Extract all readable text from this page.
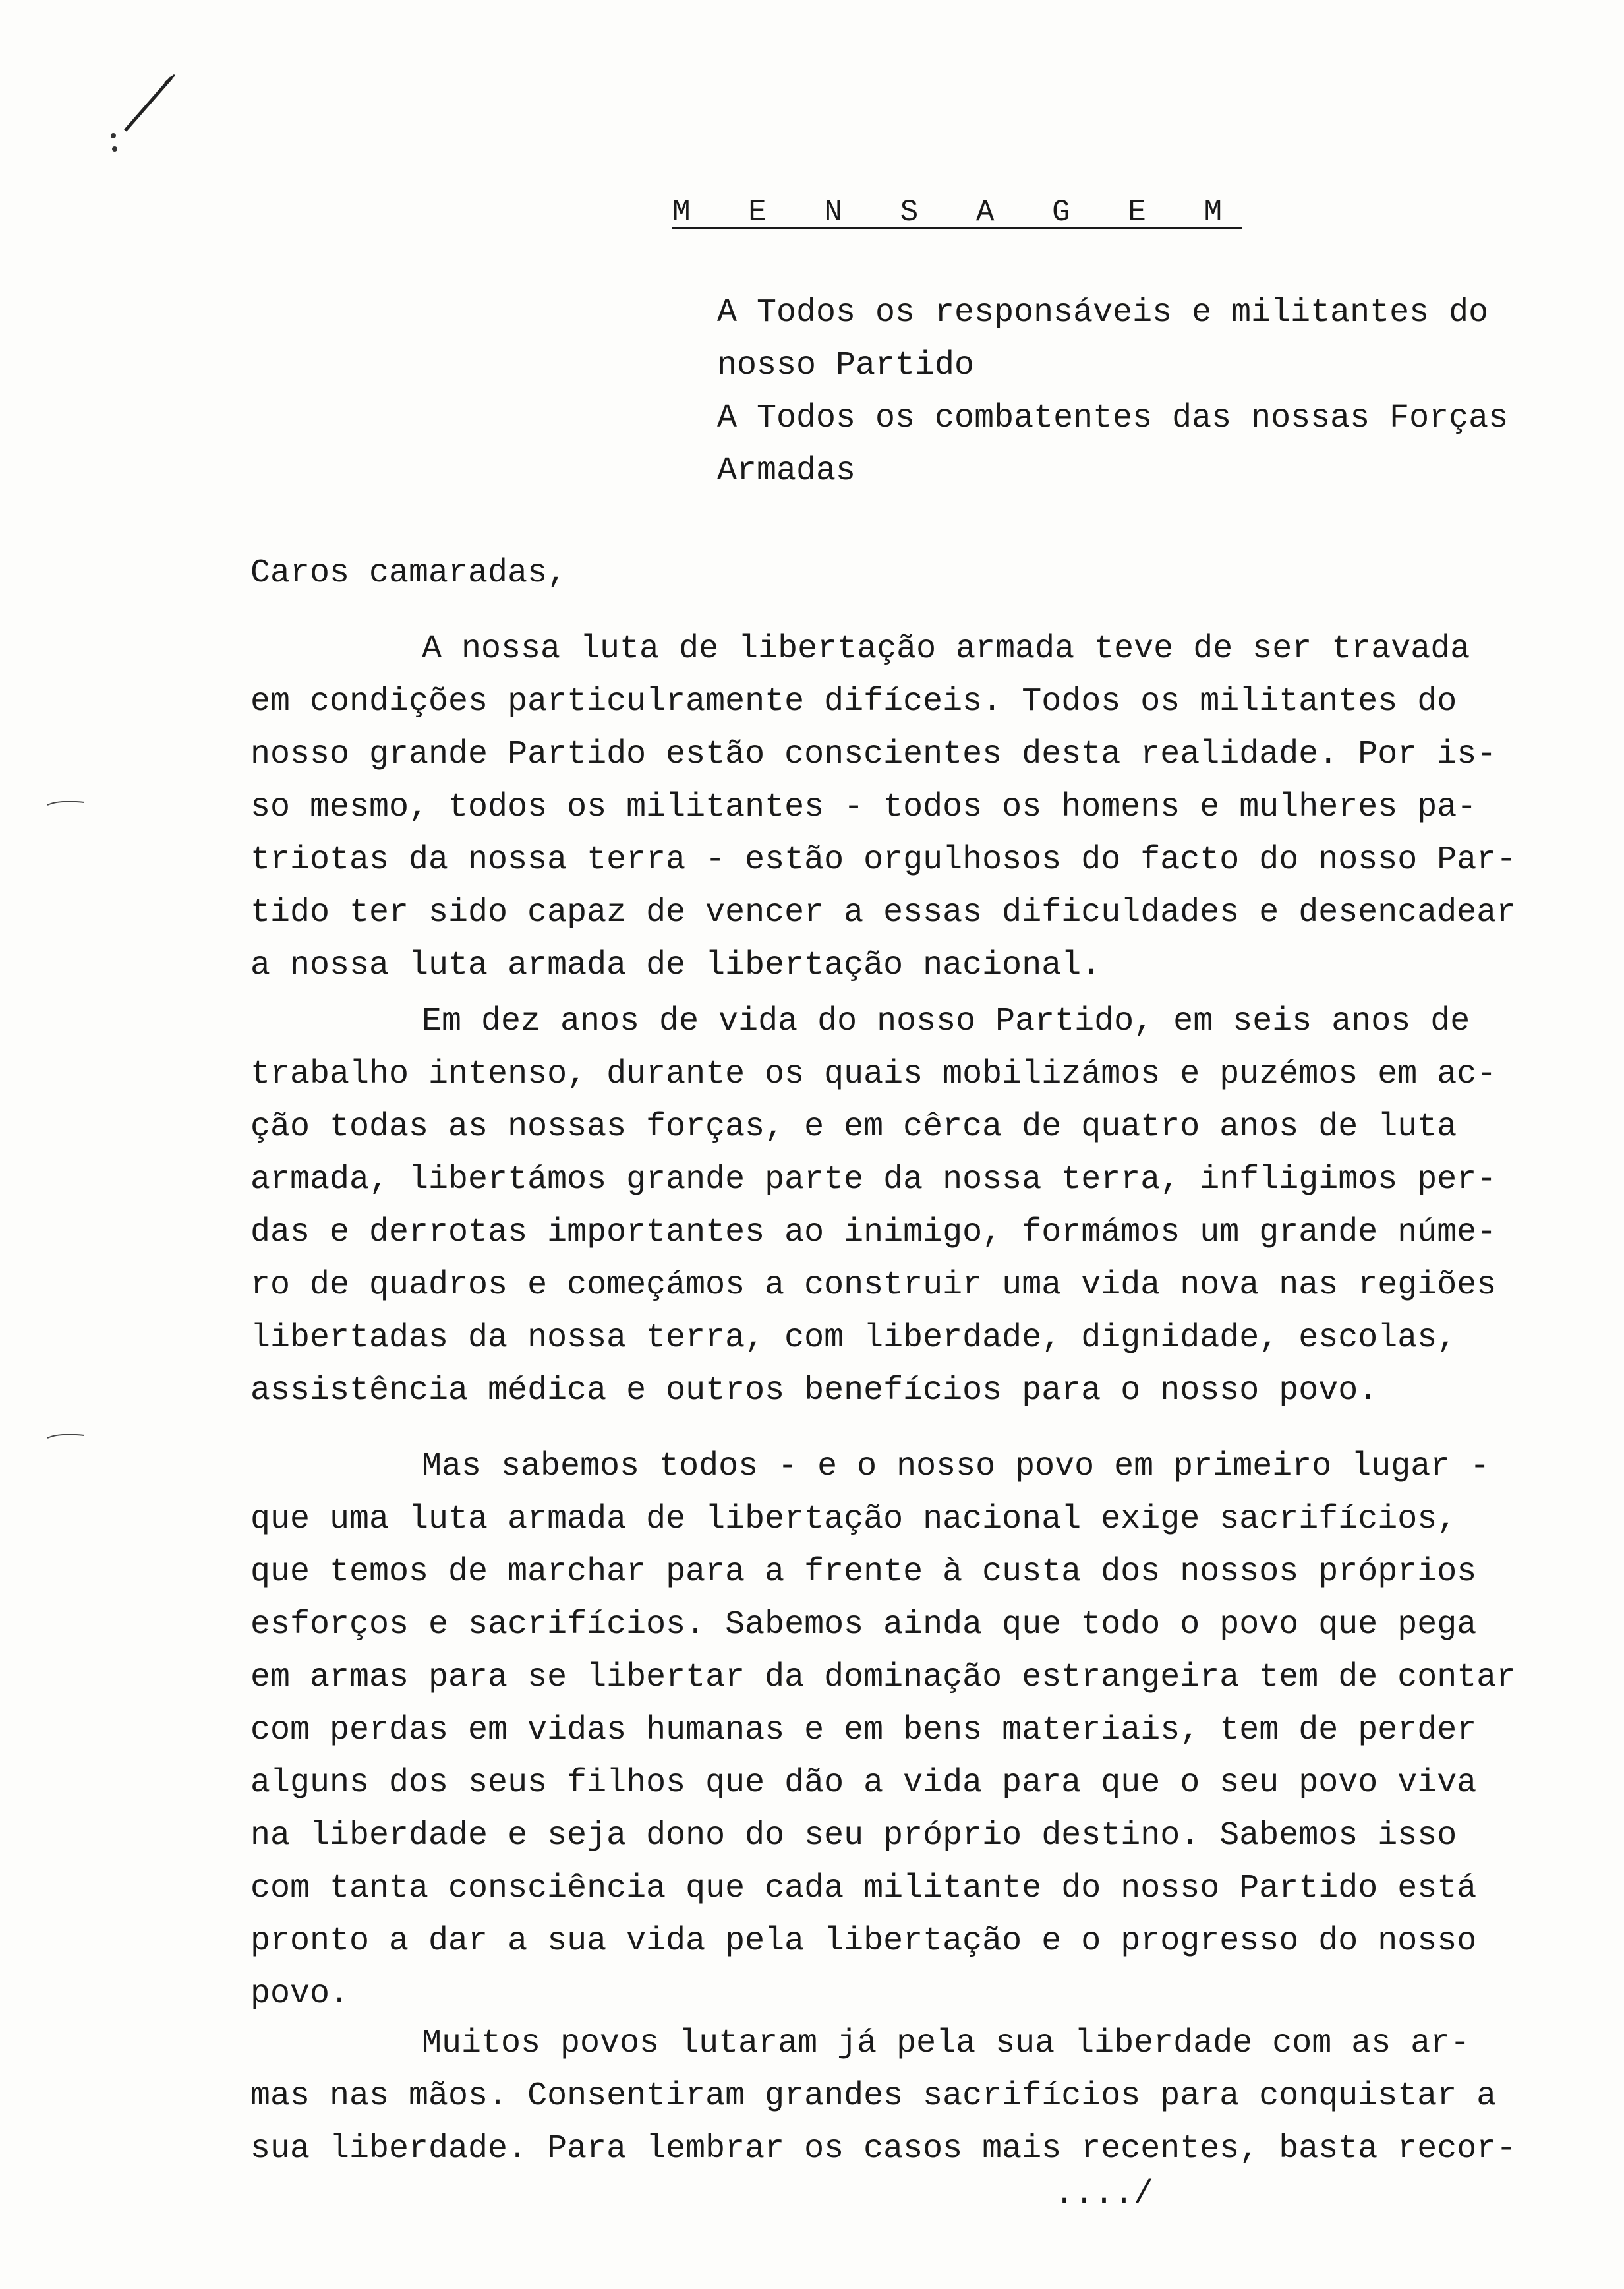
M E N S A G E M
A Todos os responsáveis e militantes do
nosso Partido
A Todos os combatentes das nossas Forças
Armadas
Caros camaradas,
A nossa luta de libertação armada teve de ser travada
em condições particulramente difíceis. Todos os militantes do
nosso grande Partido estão conscientes desta realidade. Por is-
so mesmo, todos os militantes - todos os homens e mulheres pa-
triotas da nossa terra - estão orgulhosos do facto do nosso Par-
tido ter sido capaz de vencer a essas dificuldades e desencadear
a nossa luta armada de libertação nacional.
Em dez anos de vida do nosso Partido, em seis anos de
trabalho intenso, durante os quais mobilizámos e puzémos em ac-
ção todas as nossas forças, e em cêrca de quatro anos de luta
armada, libertámos grande parte da nossa terra, infligimos per-
das e derrotas importantes ao inimigo, formámos um grande núme-
ro de quadros e começámos a construir uma vida nova nas regiões
libertadas da nossa terra, com liberdade, dignidade, escolas,
assistência médica e outros benefícios para o nosso povo.
Mas sabemos todos - e o nosso povo em primeiro lugar -
que uma luta armada de libertação nacional exige sacrifícios,
que temos de marchar para a frente à custa dos nossos próprios
esforços e sacrifícios. Sabemos ainda que todo o povo que pega
em armas para se libertar da dominação estrangeira tem de contar
com perdas em vidas humanas e em bens materiais, tem de perder
alguns dos seus filhos que dão a vida para que o seu povo viva
na liberdade e seja dono do seu próprio destino. Sabemos isso
com tanta consciência que cada militante do nosso Partido está
pronto a dar a sua vida pela libertação e o progresso do nosso
povo.
Muitos povos lutaram já pela sua liberdade com as ar-
mas nas mãos. Consentiram grandes sacrifícios para conquistar a
sua liberdade. Para lembrar os casos mais recentes, basta recor-
..../
